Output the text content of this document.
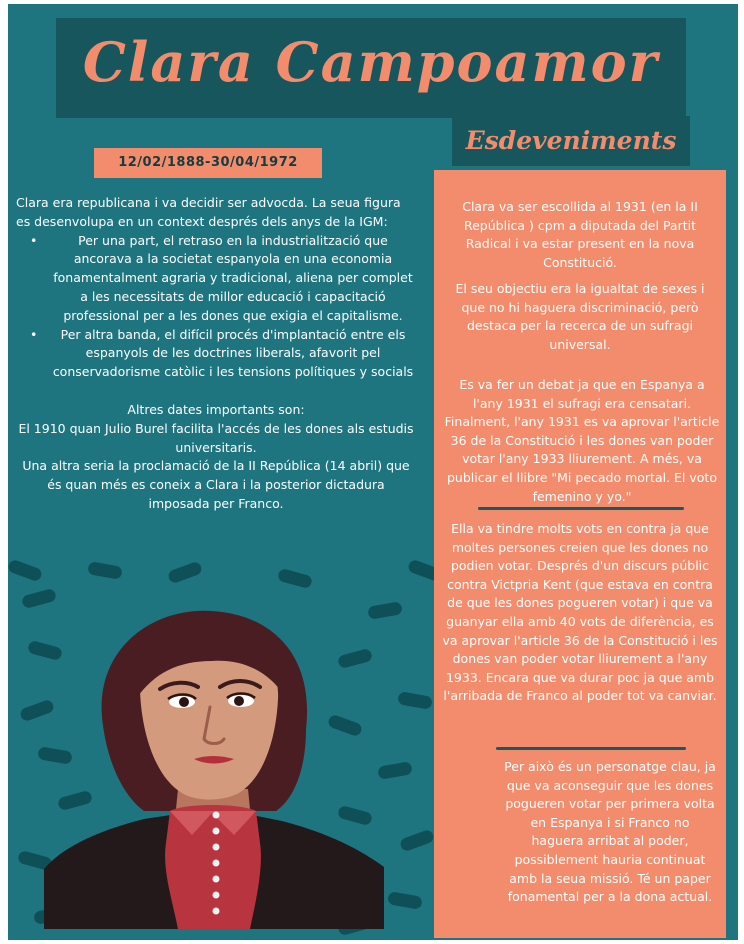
Clara Campoamor
Esdeveniments
12/02/1888-30/04/1972

Clara era republicana i va decidir ser advocda. La seua figura es desenvolupa en un context després dels anys de la IGM:

•	Per una part, el retraso en la industrialització que ancorava a la societat espanyola en una economia fonamentalment agraria y tradicional, aliena per complet a les necessitats de millor educació i capacitació professional per a les dones que exigia el capitalisme.
• Per altra banda, el difícil procés d'implantació entre els espanyols de les doctrines liberals, afavorit pel conservadorisme catòlic i les tensions polítiques y socials

Altres dates importants son:

El 1910 quan Julio Burel facilita l'accés de les dones als estudis universitaris.

Una altra seria la proclamació de la II República (14 abril) que és quan més es coneix a Clara i la posterior dictadura imposada per Franco.

Clara va ser escollida al 1931 (en la II República ) cpm a diputada del Partit Radical i va estar present en la nova Constitució.

El seu objectiu era la igualtat de sexes i que no hi haguera discriminació, però destaca per la recerca de un sufragi universal.

Es va fer un debat ja que en Espanya a l'any 1931 el sufragi era censatari. Finalment, l'any 1931 es va aprovar l'article 36 de la Constitució i les dones van poder votar l'any 1933 lliurement. A més, va publicar el llibre "Mi pecado mortal. El voto femenino y yo."

Ella va tindre molts vots en contra ja que moltes persones creien que les dones no podien votar. Després d'un discurs públic contra Victpria Kent (que estava en contra de que les dones pogueren votar) i que va guanyar ella amb 40 vots de diferència, es va aprovar l'article 36 de la Constitució i les dones van poder votar lliurement a l'any 1933. Encara que va durar poc ja que amb l'arribada de Franco al poder tot va canviar.

Per això és un personatge clau, ja que va aconseguir que les dones pogueren votar per primera volta en Espanya i si Franco no haguera arribat al poder, possiblement hauria continuat amb la seua missió. Té un paper fonamental per a la dona actual.
